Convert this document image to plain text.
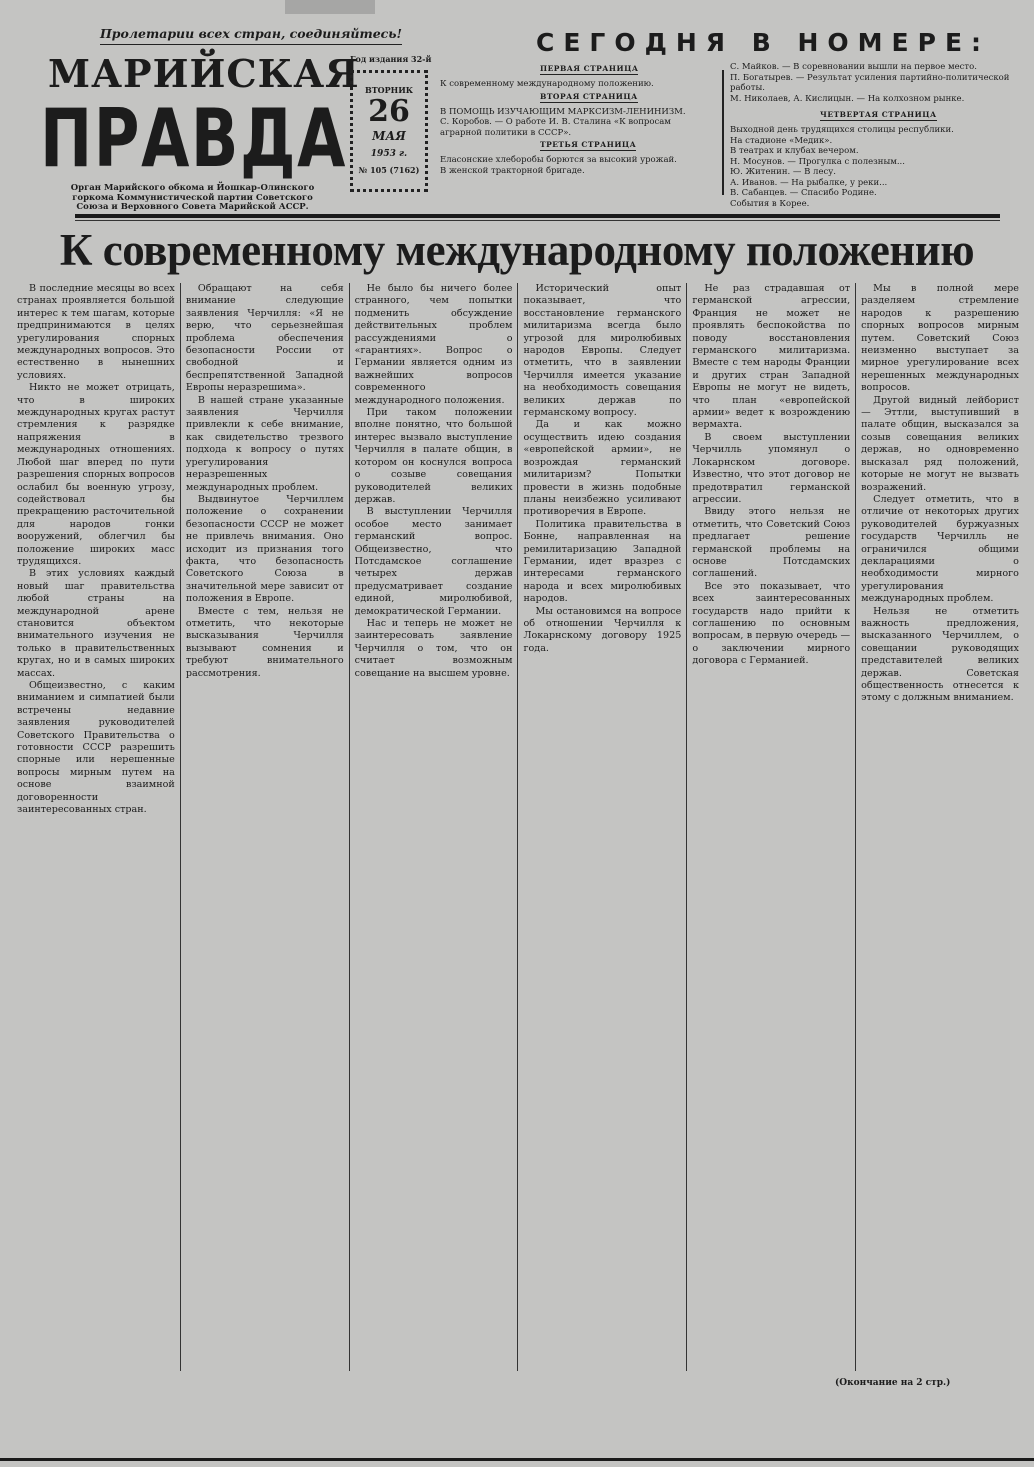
Пролетарии всех стран, соединяйтесь!
МАРИЙСКАЯ
ПРАВДА
Орган Марийского обкома и Йошкар-Олинского горкома Коммунистической партии Советского Союза и Верховного Совета Марийской АССР.
Год издания 32-й
ВТОРНИК
26
МАЯ
1953 г.
№ 105 (7162)
СЕГОДНЯ В НОМЕРЕ:
ПЕРВАЯ СТРАНИЦА

К современному международному положению.
ВТОРАЯ СТРАНИЦА

В ПОМОЩЬ ИЗУЧАЮЩИМ МАРКСИЗМ-ЛЕНИНИЗМ.
С. Коробов. — О работе И. В. Сталина «К вопросам аграрной политики в СССР».
ТРЕТЬЯ СТРАНИЦА

Еласонские хлеборобы борются за высокий урожай.
В женской тракторной бригаде.
С. Майков. — В соревновании вышли на первое место.
П. Богатырев. — Результат усиления партийно-политической работы.
М. Николаев, А. Кислицын. — На колхозном рынке.
ЧЕТВЕРТАЯ СТРАНИЦА

Выходной день трудящихся столицы республики.
На стадионе «Медик».
В театрах и клубах вечером.
Н. Мосунов. — Прогулка с полезным...
Ю. Житенин. — В лесу.
А. Иванов. — На рыбалке, у реки...
В. Сабанцев. — Спасибо Родине.
События в Корее.
К современному международному положению

В последние месяцы во всех странах проявляется большой интерес к тем шагам, которые предпринимаются в целях урегулирования спорных международных вопросов. Это естественно в нынешних условиях.

Никто не может отрицать, что в широких международных кругах растут стремления к разрядке напряжения в международных отношениях. Любой шаг вперед по пути разрешения спорных вопросов ослабил бы военную угрозу, содействовал бы прекращению расточительной для народов гонки вооружений, облегчил бы положение широких масс трудящихся.

В этих условиях каждый новый шаг правительства любой страны на международной арене становится объектом внимательного изучения не только в правительственных кругах, но и в самых широких массах.

Общеизвестно, с каким вниманием и симпатией были встречены недавние заявления руководителей Советского Правительства о готовности СССР разрешить спорные или нерешенные вопросы мирным путем на основе взаимной договоренности заинтересованных стран.

Обращают на себя внимание следующие заявления Черчилля: «Я не верю, что серьезнейшая проблема обеспечения безопасности России от свободной и беспрепятственной Западной Европы неразрешима».

В нашей стране указанные заявления Черчилля привлекли к себе внимание, как свидетельство трезвого подхода к вопросу о путях урегулирования неразрешенных международных проблем.

Выдвинутое Черчиллем положение о сохранении безопасности СССР не может не привлечь внимания. Оно исходит из признания того факта, что безопасность Советского Союза в значительной мере зависит от положения в Европе.

Вместе с тем, нельзя не отметить, что некоторые высказывания Черчилля вызывают сомнения и требуют внимательного рассмотрения.

Не было бы ничего более странного, чем попытки подменить обсуждение действительных проблем рассуждениями о «гарантиях». Вопрос о Германии является одним из важнейших вопросов современного международного положения.

При таком положении вполне понятно, что большой интерес вызвало выступление Черчилля в палате общин, в котором он коснулся вопроса о созыве совещания руководителей великих держав.

В выступлении Черчилля особое место занимает германский вопрос. Общеизвестно, что Потсдамское соглашение четырех держав предусматривает создание единой, миролюбивой, демократической Германии.

Нас и теперь не может не заинтересовать заявление Черчилля о том, что он считает возможным совещание на высшем уровне.

Исторический опыт показывает, что восстановление германского милитаризма всегда было угрозой для миролюбивых народов Европы. Следует отметить, что в заявлении Черчилля имеется указание на необходимость совещания великих держав по германскому вопросу.

Да и как можно осуществить идею создания «европейской армии», не возрождая германский милитаризм? Попытки провести в жизнь подобные планы неизбежно усиливают противоречия в Европе.

Политика правительства в Бонне, направленная на ремилитаризацию Западной Германии, идет вразрез с интересами германского народа и всех миролюбивых народов.

Мы остановимся на вопросе об отношении Черчилля к Локарнскому договору 1925 года.

Не раз страдавшая от германской агрессии, Франция не может не проявлять беспокойства по поводу восстановления германского милитаризма. Вместе с тем народы Франции и других стран Западной Европы не могут не видеть, что план «европейской армии» ведет к возрождению вермахта.

В своем выступлении Черчилль упомянул о Локарнском договоре. Известно, что этот договор не предотвратил германской агрессии.

Ввиду этого нельзя не отметить, что Советский Союз предлагает решение германской проблемы на основе Потсдамских соглашений.

Все это показывает, что всех заинтересованных государств надо прийти к соглашению по основным вопросам, в первую очередь — о заключении мирного договора с Германией.

Мы в полной мере разделяем стремление народов к разрешению спорных вопросов мирным путем. Советский Союз неизменно выступает за мирное урегулирование всех нерешенных международных вопросов.

Другой видный лейборист — Эттли, выступивший в палате общин, высказался за созыв совещания великих держав, но одновременно высказал ряд положений, которые не могут не вызвать возражений.

Следует отметить, что в отличие от некоторых других руководителей буржуазных государств Черчилль не ограничился общими декларациями о необходимости мирного урегулирования международных проблем.

Нельзя не отметить важность предложения, высказанного Черчиллем, о совещании руководящих представителей великих держав. Советская общественность отнесется к этому с должным вниманием.

(Окончание на 2 стр.)
